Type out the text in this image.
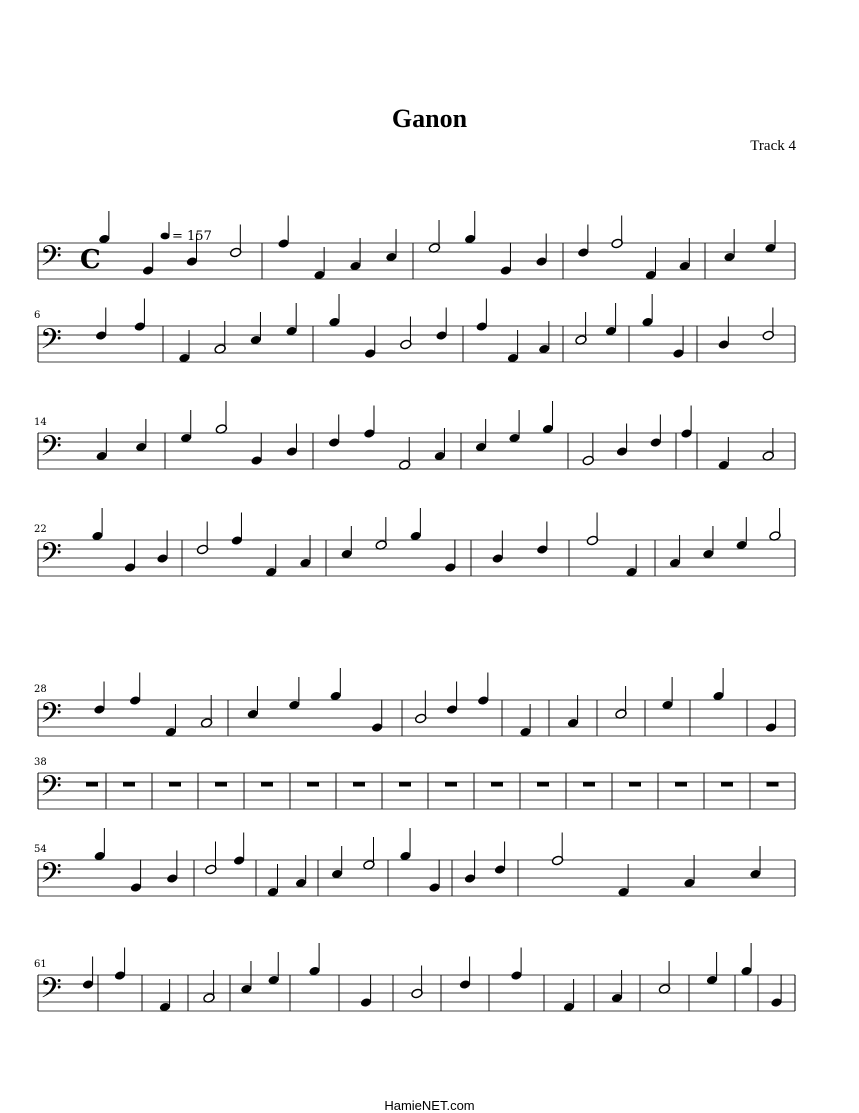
Ganon
Track 4
𝄢
𝄢
6
𝄢
14
𝄢
22
𝄢
28
𝄢
38
𝄢
54
𝄢
61
C
= 157
HamieNET.com
